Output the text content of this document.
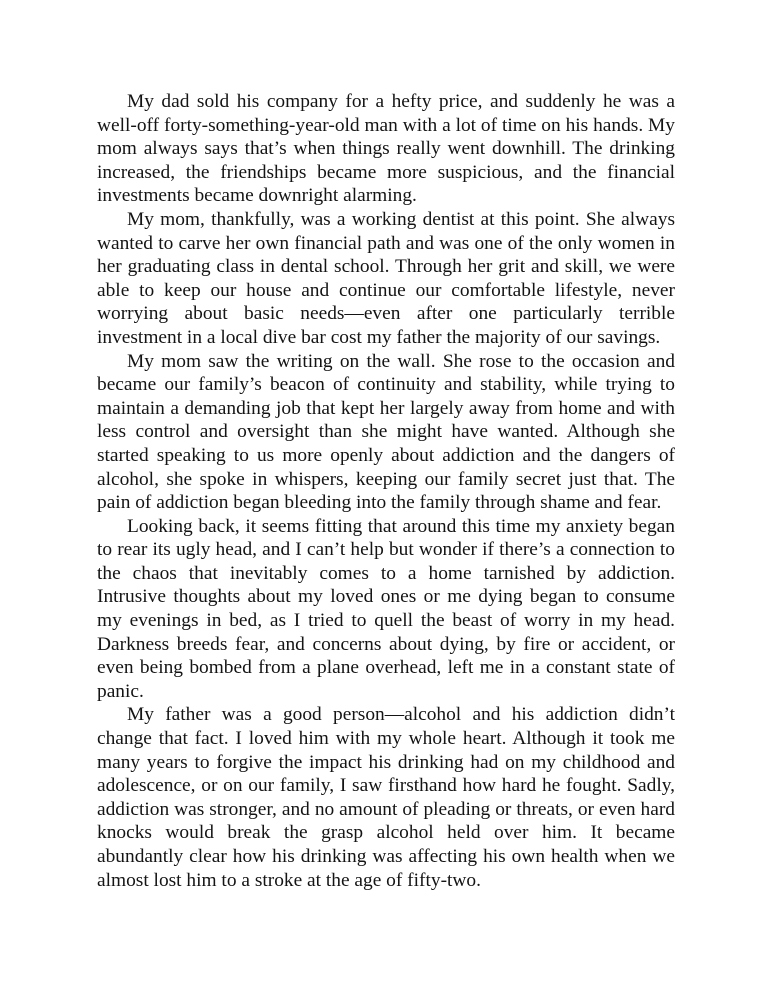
My dad sold his company for a hefty price, and suddenly he was a well-off forty-something-year-old man with a lot of time on his hands. My mom always says that’s when things really went downhill. The drinking increased, the friendships became more suspicious, and the financial investments became downright alarming.

My mom, thankfully, was a working dentist at this point. She always wanted to carve her own financial path and was one of the only women in her graduating class in dental school. Through her grit and skill, we were able to keep our house and continue our comfortable lifestyle, never worrying about basic needs—even after one particularly terrible investment in a local dive bar cost my father the majority of our savings.

My mom saw the writing on the wall. She rose to the occasion and became our family’s beacon of continuity and stability, while trying to maintain a demanding job that kept her largely away from home and with less control and oversight than she might have wanted. Although she started speaking to us more openly about addiction and the dangers of alcohol, she spoke in whispers, keeping our family secret just that. The pain of addiction began bleeding into the family through shame and fear.

Looking back, it seems fitting that around this time my anxiety began to rear its ugly head, and I can’t help but wonder if there’s a connection to the chaos that inevitably comes to a home tarnished by addiction. Intrusive thoughts about my loved ones or me dying began to consume my evenings in bed, as I tried to quell the beast of worry in my head. Darkness breeds fear, and concerns about dying, by fire or accident, or even being bombed from a plane overhead, left me in a constant state of panic.

My father was a good person—alcohol and his addiction didn’t change that fact. I loved him with my whole heart. Although it took me many years to forgive the impact his drinking had on my childhood and adolescence, or on our family, I saw firsthand how hard he fought. Sadly, addiction was stronger, and no amount of pleading or threats, or even hard knocks would break the grasp alcohol held over him. It became abundantly clear how his drinking was affecting his own health when we almost lost him to a stroke at the age of fifty-two.
